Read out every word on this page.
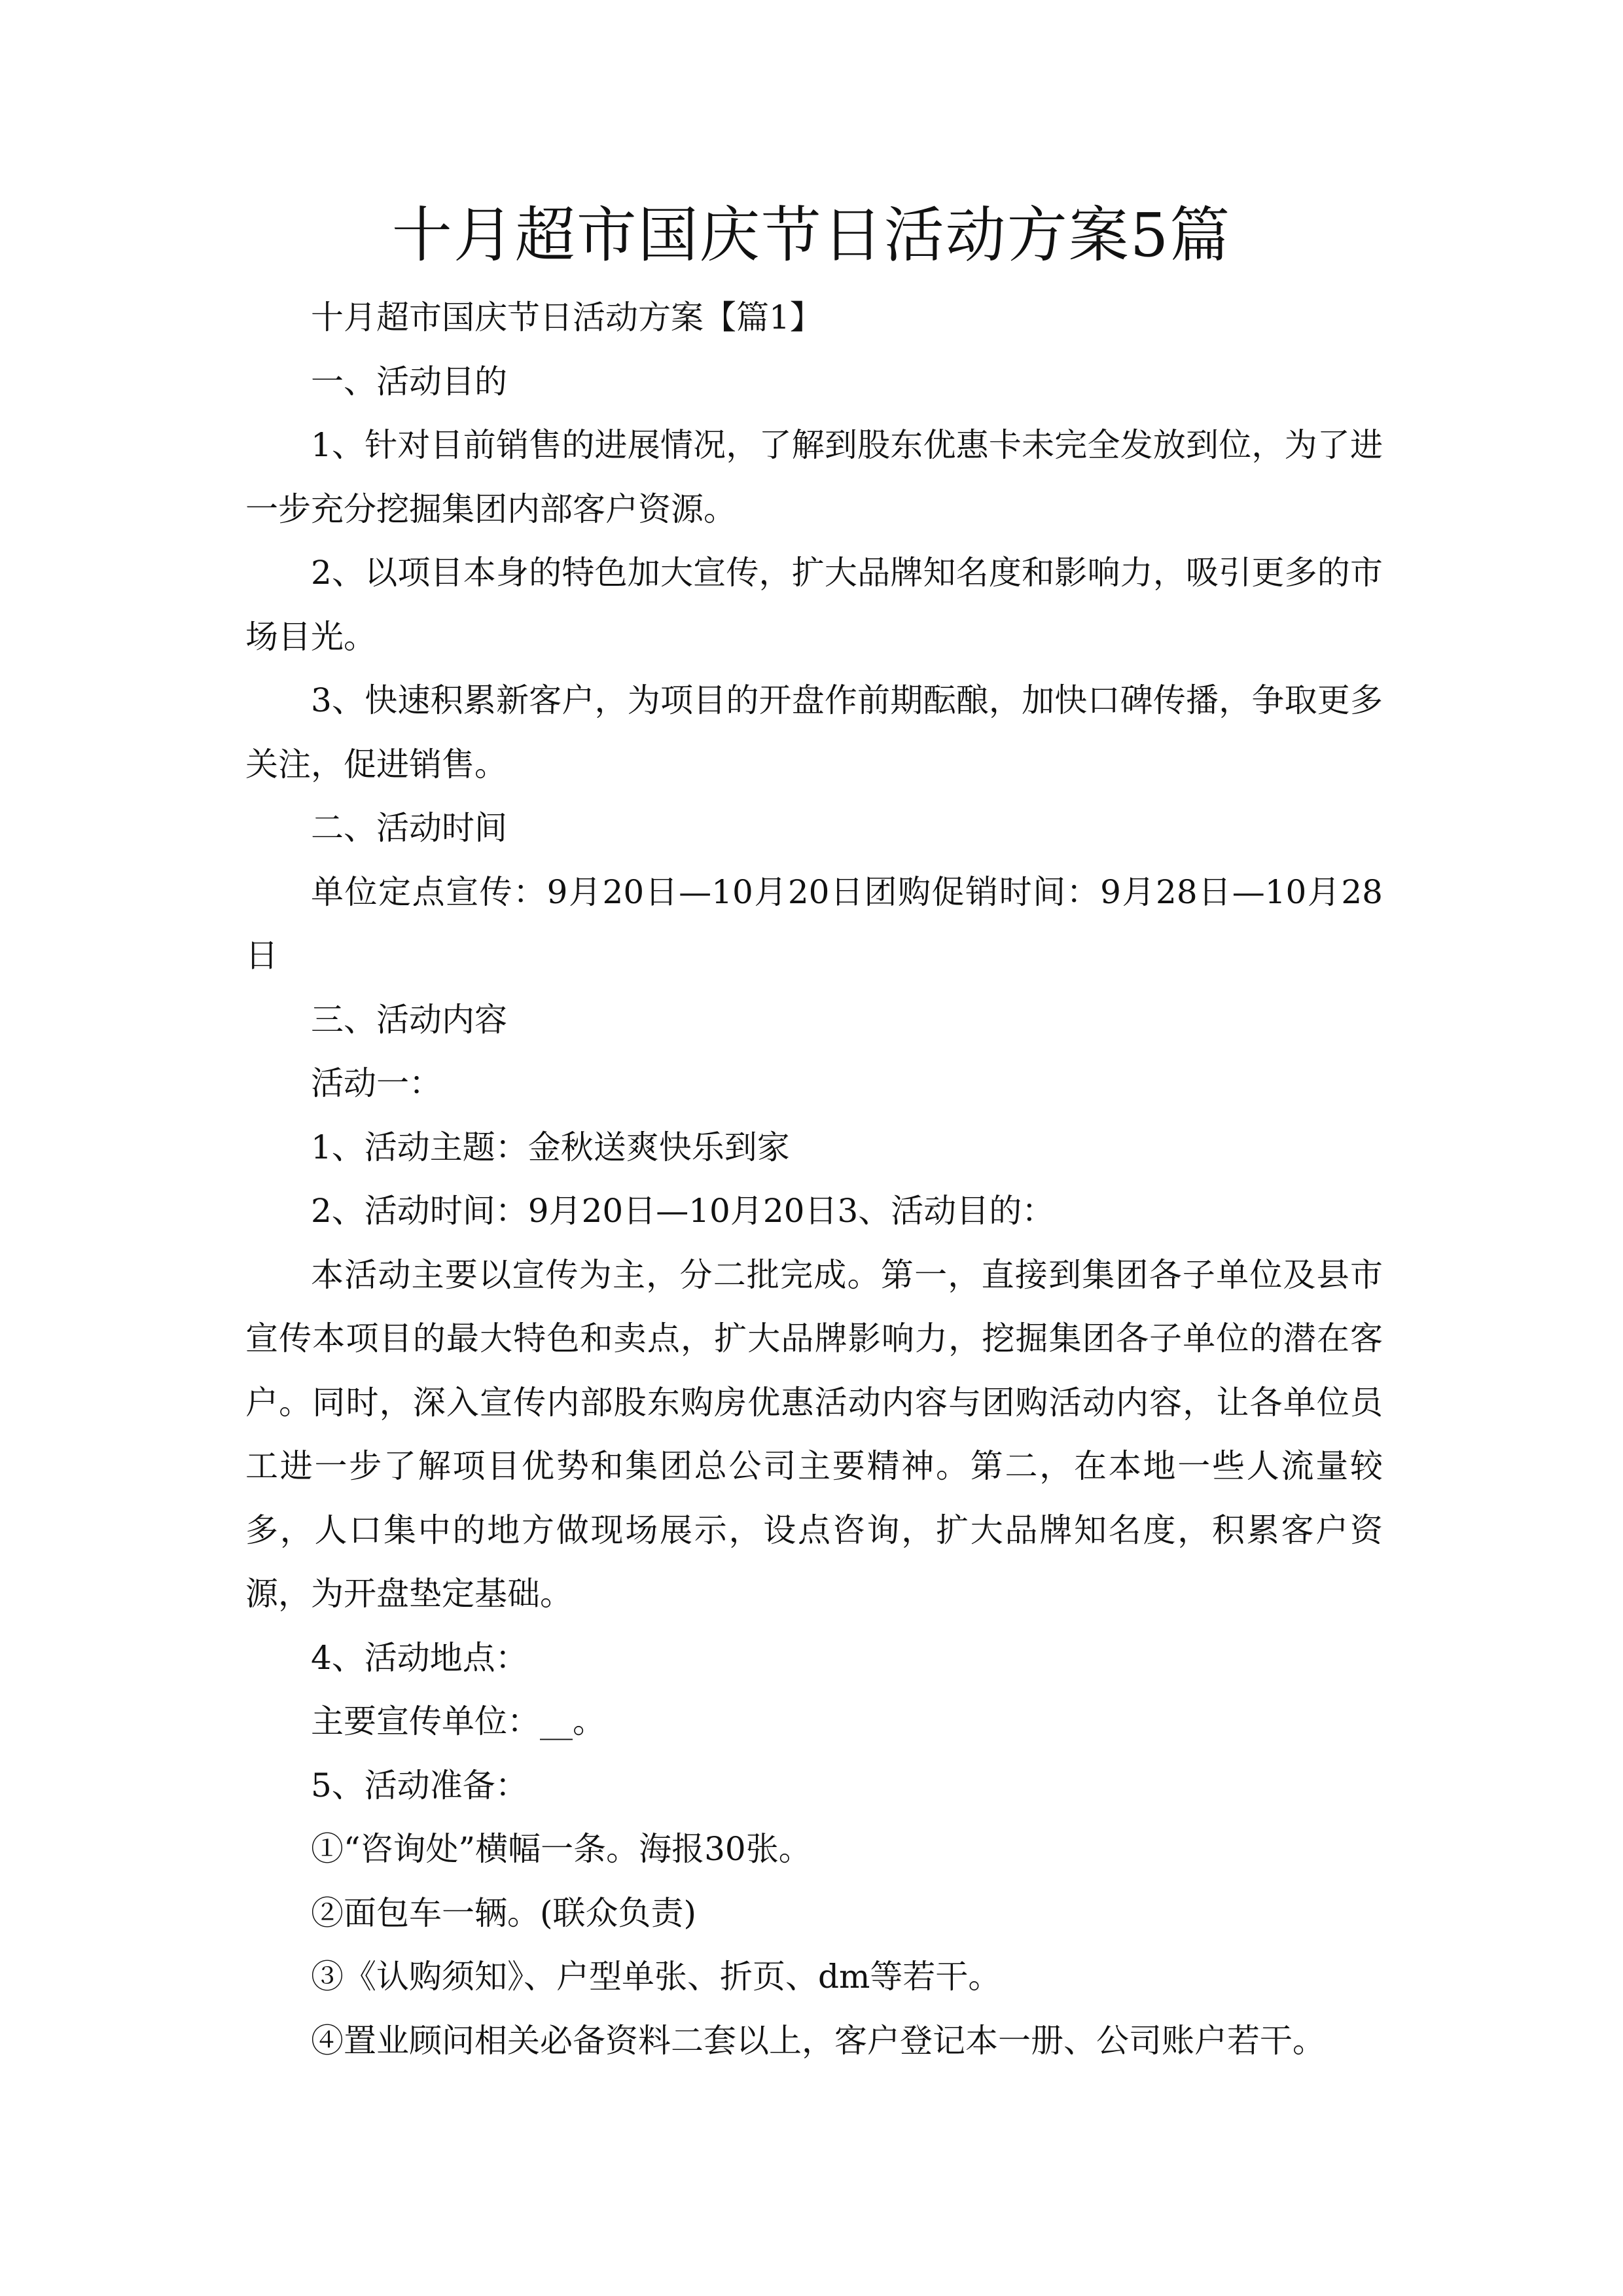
十月超市国庆节日活动方案5篇

十月超市国庆节日活动方案【篇1】

一、活动目的

1、针对目前销售的进展情况，了解到股东优惠卡未完全发放到位，为了进一步充分挖掘集团内部客户资源。

2、以项目本身的特色加大宣传，扩大品牌知名度和影响力，吸引更多的市场目光。

3、快速积累新客户，为项目的开盘作前期酝酿，加快口碑传播，争取更多关注，促进销售。

二、活动时间

单位定点宣传：9月20日—10月20日团购促销时间：9月28日—10月28日

三、活动内容

活动一：

1、活动主题：金秋送爽快乐到家

2、活动时间：9月20日—10月20日3、活动目的：

本活动主要以宣传为主，分二批完成。第一，直接到集团各子单位及县市宣传本项目的最大特色和卖点，扩大品牌影响力，挖掘集团各子单位的潜在客户。同时，深入宣传内部股东购房优惠活动内容与团购活动内容，让各单位员工进一步了解项目优势和集团总公司主要精神。第二，在本地一些人流量较多，人口集中的地方做现场展示，设点咨询，扩大品牌知名度，积累客户资源，为开盘垫定基础。

4、活动地点：

主要宣传单位：__。

5、活动准备：

①“咨询处”横幅一条。海报30张。

②面包车一辆。(联众负责)

③《认购须知》、户型单张、折页、dm等若干。

④置业顾问相关必备资料二套以上，客户登记本一册、公司账户若干。
